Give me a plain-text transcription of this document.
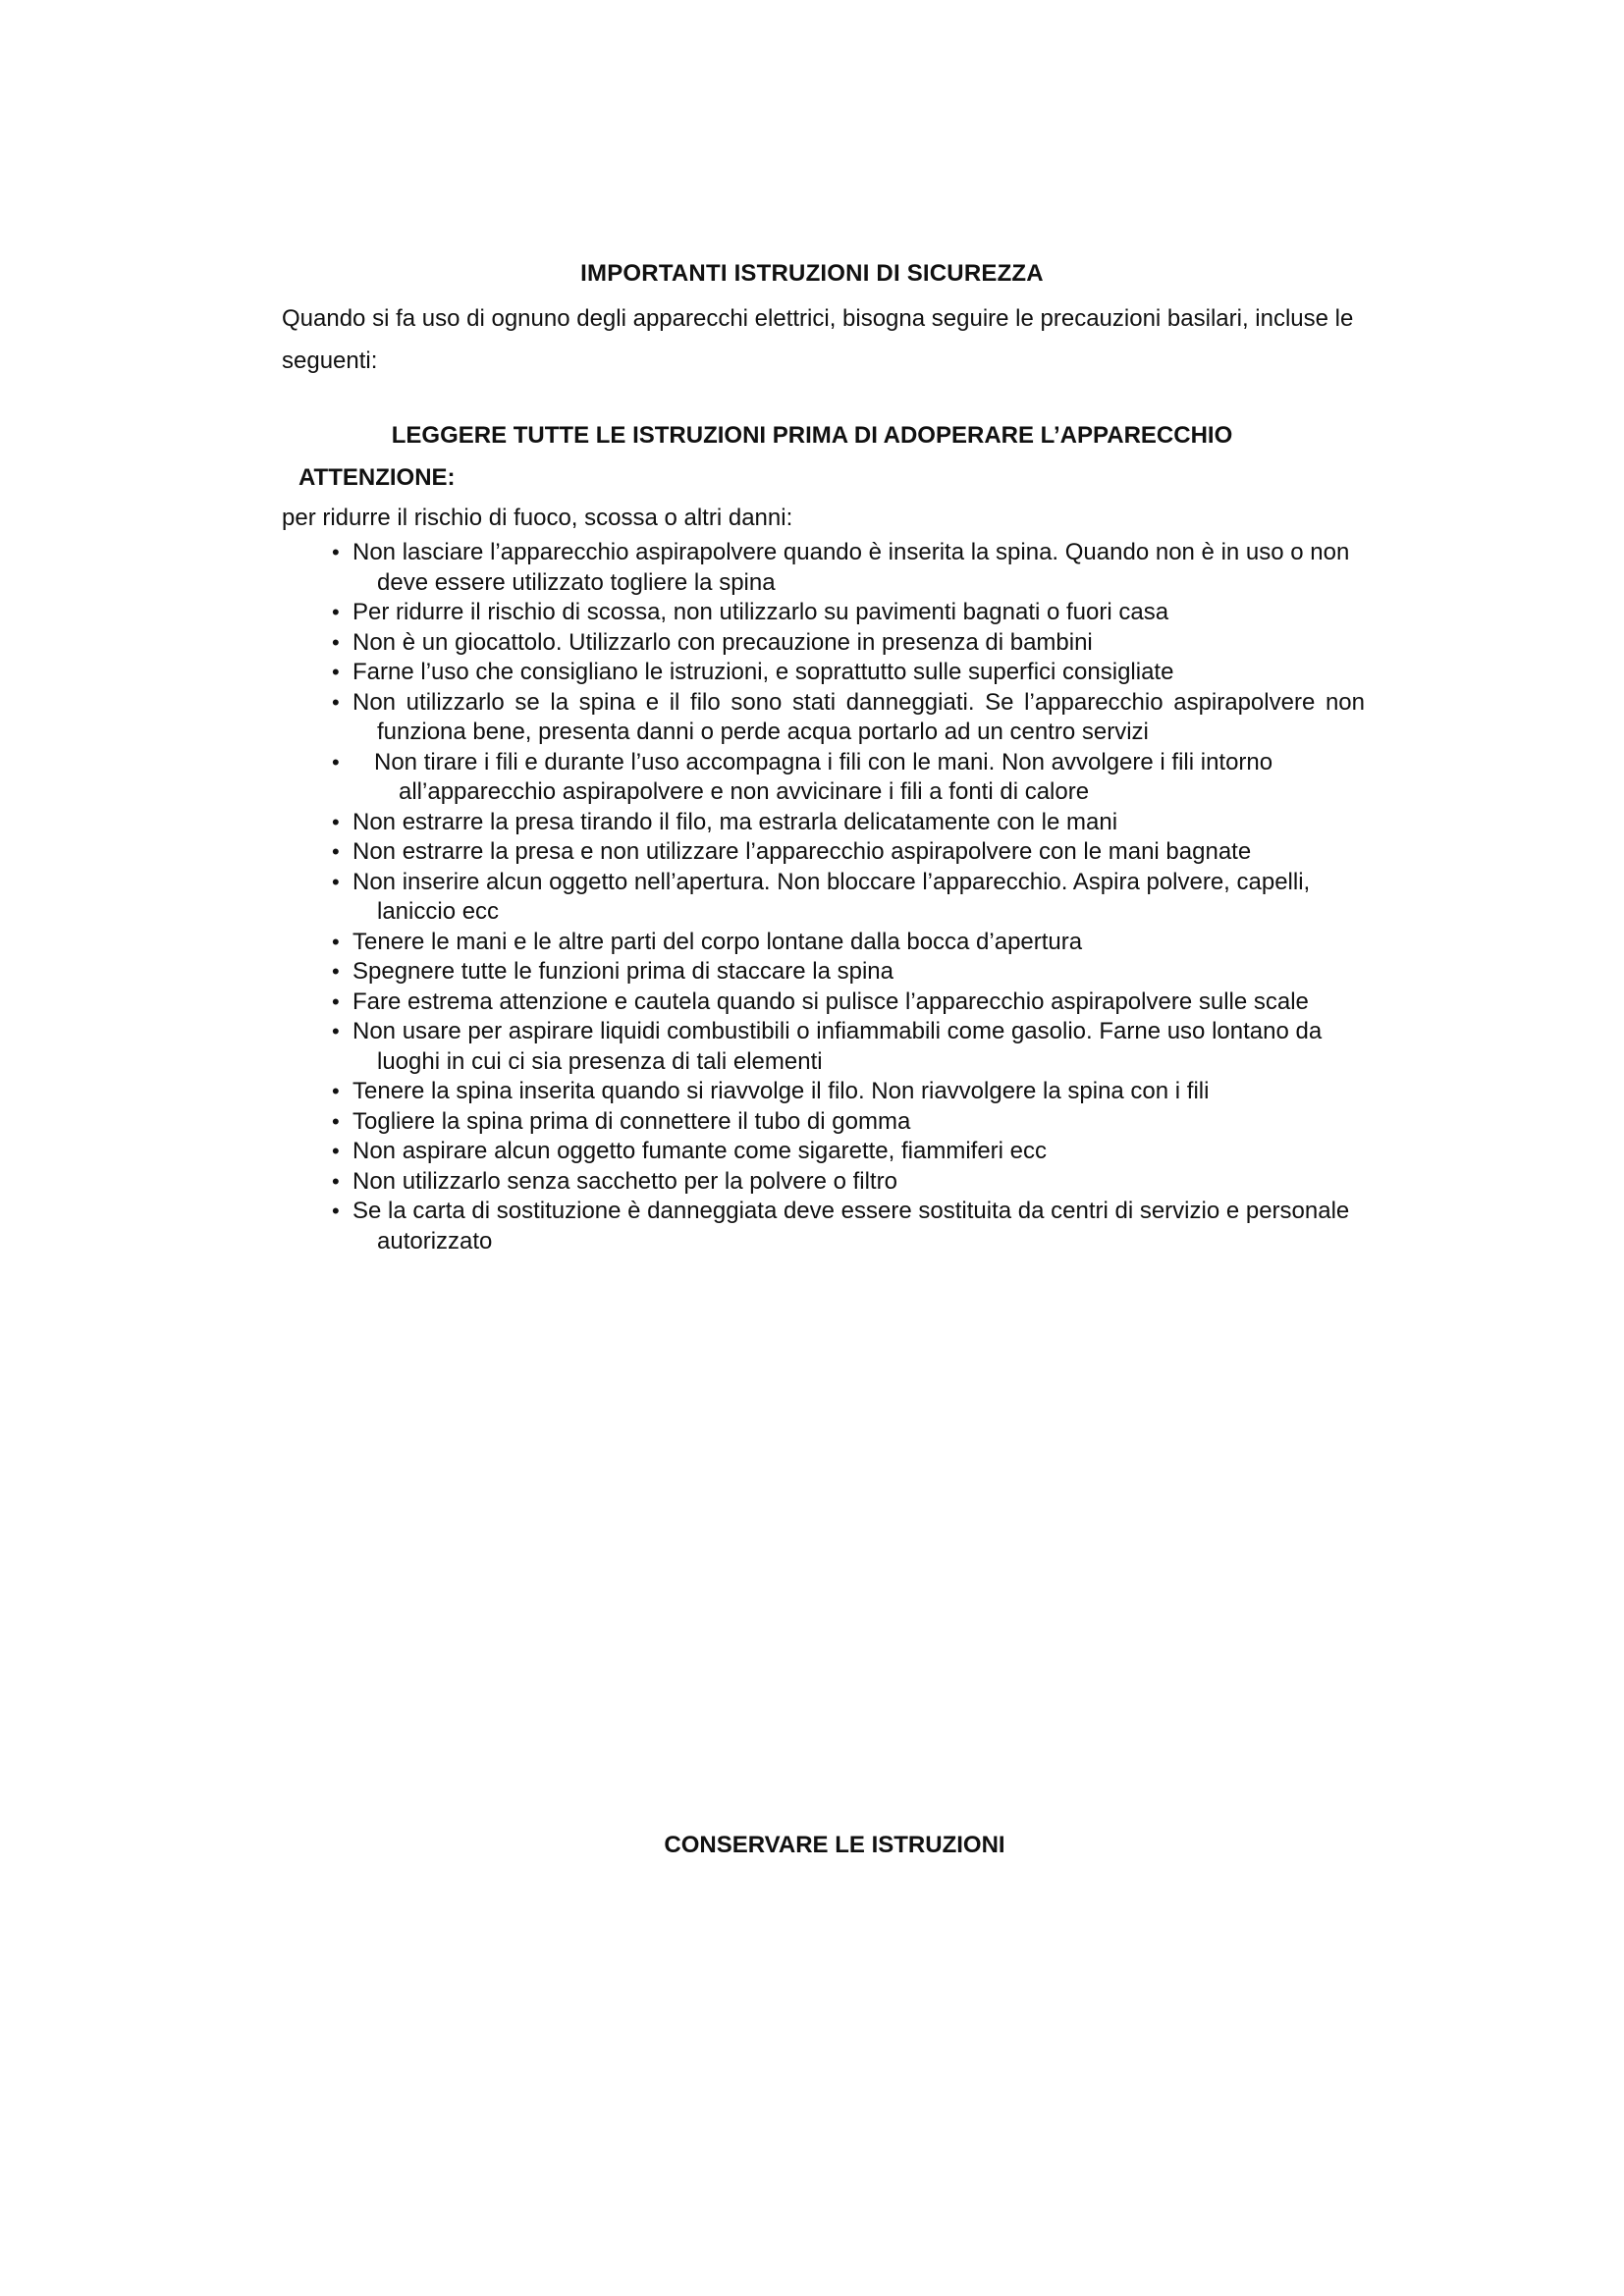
IMPORTANTI ISTRUZIONI DI SICUREZZA
Quando si fa uso di ognuno degli apparecchi elettrici, bisogna seguire le precauzioni basilari, incluse le seguenti:
LEGGERE TUTTE LE ISTRUZIONI PRIMA DI ADOPERARE L’APPARECCHIO
ATTENZIONE:
per ridurre il rischio di fuoco, scossa o altri danni:
• Non lasciare l’apparecchio aspirapolvere quando è inserita la spina. Quando non è in uso o non deve essere utilizzato togliere la spina
• Per ridurre il rischio di scossa, non utilizzarlo su pavimenti bagnati o fuori casa
• Non è un giocattolo. Utilizzarlo con precauzione in presenza di bambini
• Farne l’uso che consigliano le istruzioni, e soprattutto sulle superfici consigliate
• Non utilizzarlo se la spina e il filo sono stati danneggiati. Se l’apparecchio aspirapolvere non funziona bene, presenta danni o perde acqua portarlo ad un centro servizi
•	Non tirare i fili e durante l’uso accompagna i fili con le mani. Non avvolgere i fili intorno all’apparecchio aspirapolvere e non avvicinare i fili a fonti di calore
• Non estrarre la presa tirando il filo, ma estrarla delicatamente con le mani
• Non estrarre la presa e non utilizzare l’apparecchio aspirapolvere con le mani bagnate
• Non inserire alcun oggetto nell’apertura. Non bloccare l’apparecchio. Aspira polvere, capelli, laniccio ecc
• Tenere le mani e le altre parti del corpo lontane dalla bocca d’apertura
• Spegnere tutte le funzioni prima di staccare la spina
• Fare estrema attenzione e cautela quando si pulisce l’apparecchio aspirapolvere sulle scale
• Non usare per aspirare liquidi combustibili o infiammabili come gasolio. Farne uso lontano da luoghi in cui ci sia presenza di tali elementi
• Tenere la spina inserita quando si riavvolge il filo. Non riavvolgere la spina con i fili
• Togliere la spina prima di connettere il tubo di gomma
• Non aspirare alcun oggetto fumante come sigarette, fiammiferi ecc
• Non utilizzarlo senza sacchetto per la polvere o filtro
• Se la carta di sostituzione è danneggiata deve essere sostituita da centri di servizio e personale autorizzato
CONSERVARE LE ISTRUZIONI
